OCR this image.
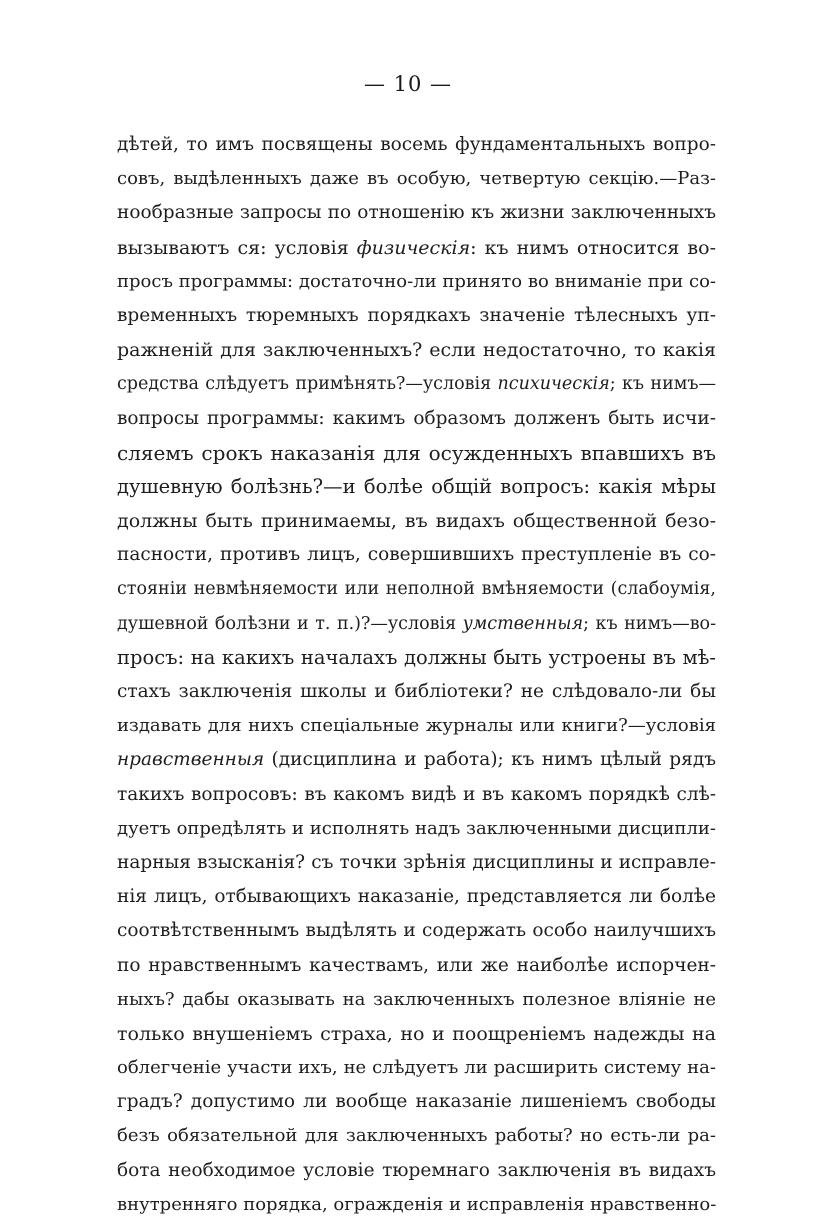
— 10 —
дѣтей, то имъ посвящены восемь фундаментальныхъ вопро-
совъ, выдѣленныхъ даже въ особую, четвертую секцію.—Раз-
нообразные запросы по отношенію къ жизни заключенныхъ
вызываютъ ся: условія физическія: къ нимъ относится во-
просъ программы: достаточно-ли принято во вниманіе при со-
временныхъ тюремныхъ порядкахъ значеніе тѣлесныхъ уп-
ражненій для заключенныхъ? если недостаточно, то какія
средства слѣдуетъ примѣнять?—условія психическія; къ нимъ—
вопросы программы: какимъ образомъ долженъ быть исчи-
сляемъ срокъ наказанія для осужденныхъ впавшихъ въ
душевную болѣзнь?—и болѣе общій вопросъ: какія мѣры
должны быть принимаемы, въ видахъ общественной безо-
пасности, противъ лицъ, совершившихъ преступленіе въ со-
стояніи невмѣняемости или неполной вмѣняемости (слабоумія,
душевной болѣзни и т. п.)?—условія умственныя; къ нимъ—во-
просъ: на какихъ началахъ должны быть устроены въ мѣ-
стахъ заключенія школы и библіотеки? не слѣдовало-ли бы
издавать для нихъ спеціальные журналы или книги?—условія
нравственныя (дисциплина и работа); къ нимъ цѣлый рядъ
такихъ вопросовъ: въ какомъ видѣ и въ какомъ порядкѣ слѣ-
дуетъ опредѣлять и исполнять надъ заключенными дисципли-
нарныя взысканія? съ точки зрѣнія дисциплины и исправле-
нія лицъ, отбывающихъ наказаніе, представляется ли болѣе
соотвѣтственнымъ выдѣлять и содержать особо наилучшихъ
по нравственнымъ качествамъ, или же наиболѣе испорчен-
ныхъ? дабы оказывать на заключенныхъ полезное вліяніе не
только внушеніемъ страха, но и поощреніемъ надежды на
облегченіе участи ихъ, не слѣдуетъ ли расширить систему на-
градъ? допустимо ли вообще наказаніе лишеніемъ свободы
безъ обязательной для заключенныхъ работы? но есть-ли ра-
бота необходимое условіе тюремнаго заключенія въ видахъ
внутренняго порядка, огражденія и исправленія нравственно-
